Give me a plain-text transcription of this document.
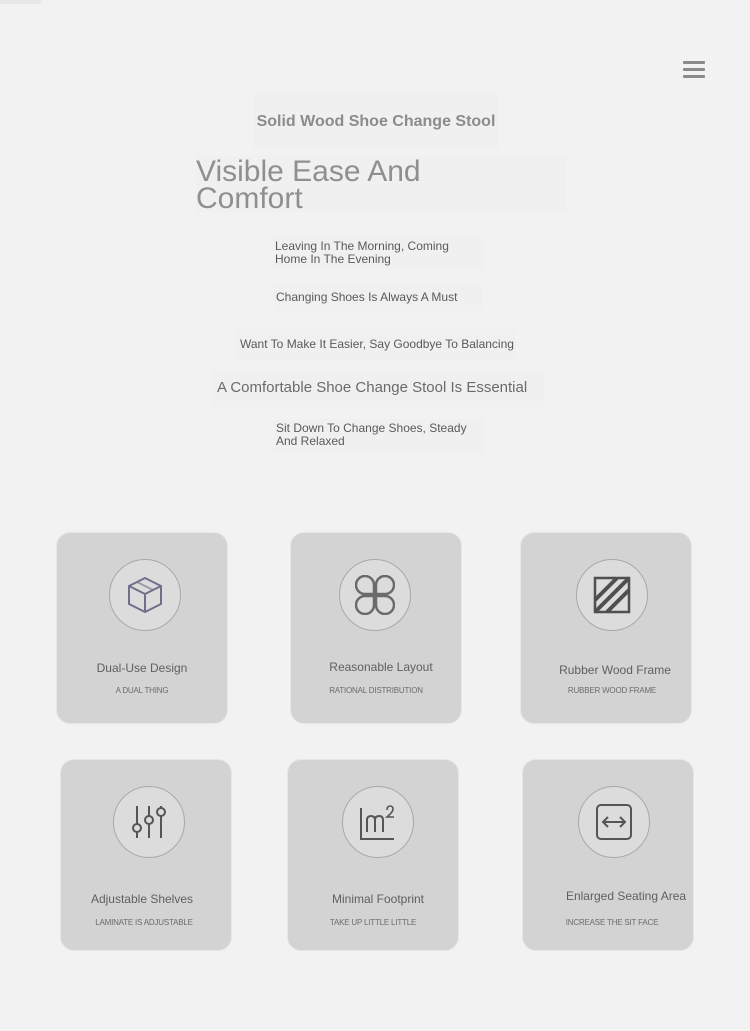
Solid Wood Shoe Change Stool
Visible Ease And
Comfort
Leaving In The Morning, Coming
Home In The Evening
Changing Shoes Is Always A Must
Want To Make It Easier, Say Goodbye To Balancing
A Comfortable Shoe Change Stool Is Essential
Sit Down To Change Shoes, Steady
And Relaxed
Dual-Use Design
A DUAL THING
Reasonable Layout
RATIONAL DISTRIBUTION
Rubber Wood Frame
RUBBER WOOD FRAME
Adjustable Shelves
LAMINATE IS ADJUSTABLE
Minimal Footprint
TAKE UP LITTLE LITTLE
Enlarged Seating Area
INCREASE THE SIT FACE
